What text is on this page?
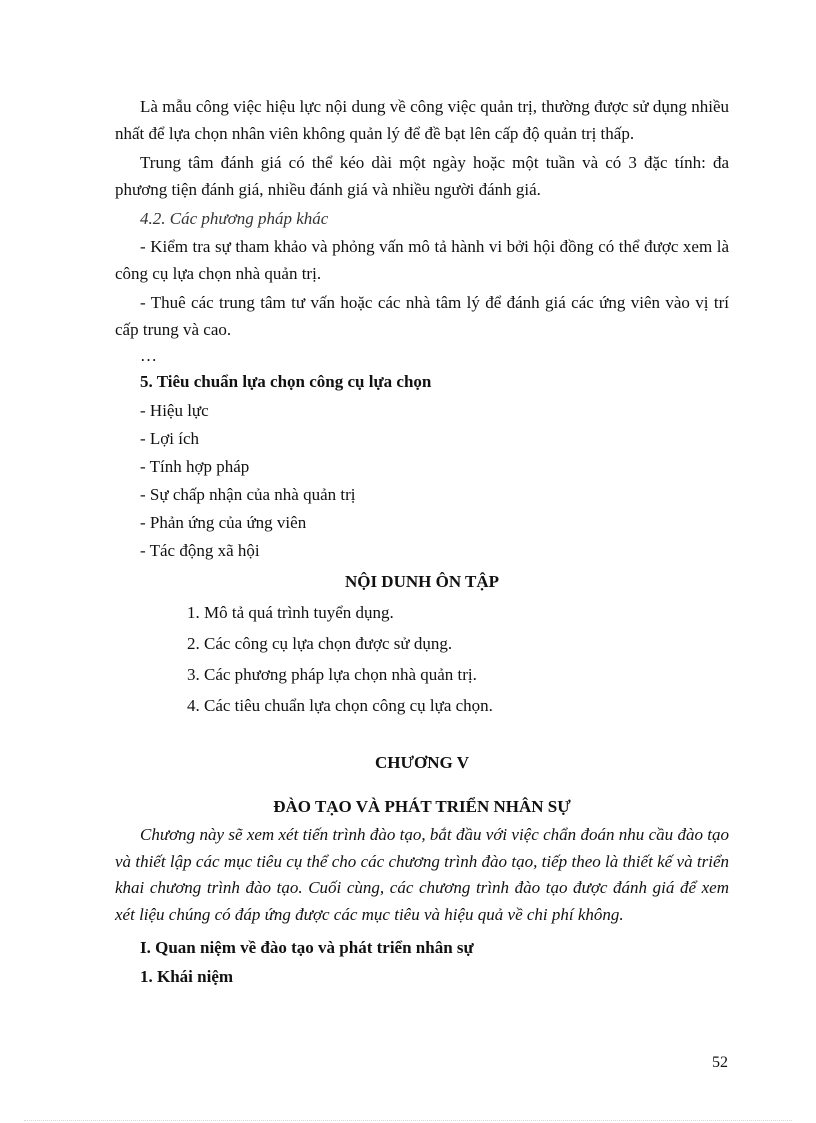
Là mẫu công việc hiệu lực nội dung về công việc quản trị, thường được sử dụng nhiều nhất để lựa chọn nhân viên không quản lý để đề bạt lên cấp độ quản trị thấp.

Trung tâm đánh giá có thể kéo dài một ngày hoặc một tuần và có 3 đặc tính: đa phương tiện đánh giá, nhiều đánh giá và nhiều người đánh giá.

4.2. Các phương pháp khác

- Kiểm tra sự tham khảo và phỏng vấn mô tả hành vi bởi hội đồng có thể được xem là công cụ lựa chọn nhà quản trị.

- Thuê các trung tâm tư vấn hoặc các nhà tâm lý để đánh giá các ứng viên vào vị trí cấp trung và cao.

…

5. Tiêu chuẩn lựa chọn công cụ lựa chọn

- Hiệu lực

- Lợi ích

- Tính hợp pháp

- Sự chấp nhận của nhà quản trị

- Phản ứng của ứng viên

- Tác động xã hội

NỘI DUNH ÔN TẬP

1. Mô tả quá trình tuyển dụng.

2. Các công cụ lựa chọn được sử dụng.

3. Các phương pháp lựa chọn nhà quản trị.

4. Các tiêu chuẩn lựa chọn công cụ lựa chọn.

CHƯƠNG V

ĐÀO TẠO VÀ PHÁT TRIỂN NHÂN SỰ

Chương này sẽ xem xét tiến trình đào tạo, bắt đầu với việc chẩn đoán nhu cầu đào tạo và thiết lập các mục tiêu cụ thể cho các chương trình đào tạo, tiếp theo là thiết kế và triển khai chương trình đào tạo. Cuối cùng, các chương trình đào tạo được đánh giá để xem xét liệu chúng có đáp ứng được các mục tiêu và hiệu quả về chi phí không.

I. Quan niệm về đào tạo và phát triển nhân sự

1. Khái niệm

52
